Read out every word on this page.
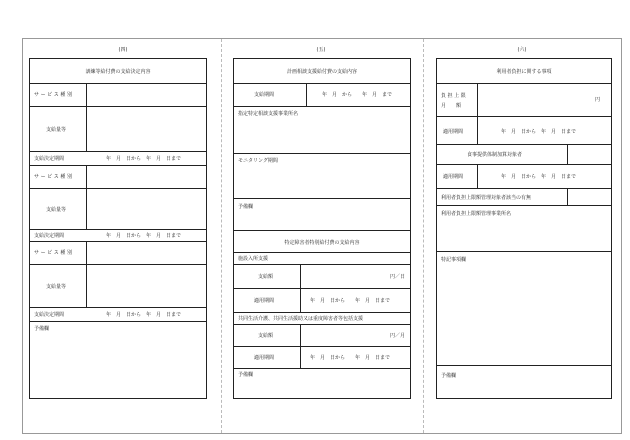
(四)	(五)	(六)
訓練等給付費の支給決定内容
サ ー ビ ス 種 別
支給量等
支給決定期間	年　月　日から　年　月　日まで
サ ー ビ ス 種 別
支給量等
支給決定期間	年　月　日から　年　月　日まで
サ ー ビ ス 種 別
支給量等
支給決定期間	年　月　日から　年　月　日まで
予備欄
計画相談支援給付費の支給内容
支給期間	年　月　から　　年　月　まで
指定特定相談支援事業所名
モニタリング期間
予備欄
特定障害者特別給付費の支給内容
施設入所支援
支給額	円／日
適用期間	年　月　日から　　年　月　日まで
共同生活介護、共同生活援助又は重度障害者等包括支援
支給額	円／月
適用期間	年　月　日から　　年　月　日まで
予備欄
利用者負担に関する事項
負 担 上 限
月　　額
円
適用期間	年　月　日から　年　月　日まで
食事提供体制加算対象者
適用期間	年　月　日から　年　月　日まで
利用者負担上限額管理対象者該当の有無
利用者負担上限額管理事業所名
特記事項欄
予備欄
